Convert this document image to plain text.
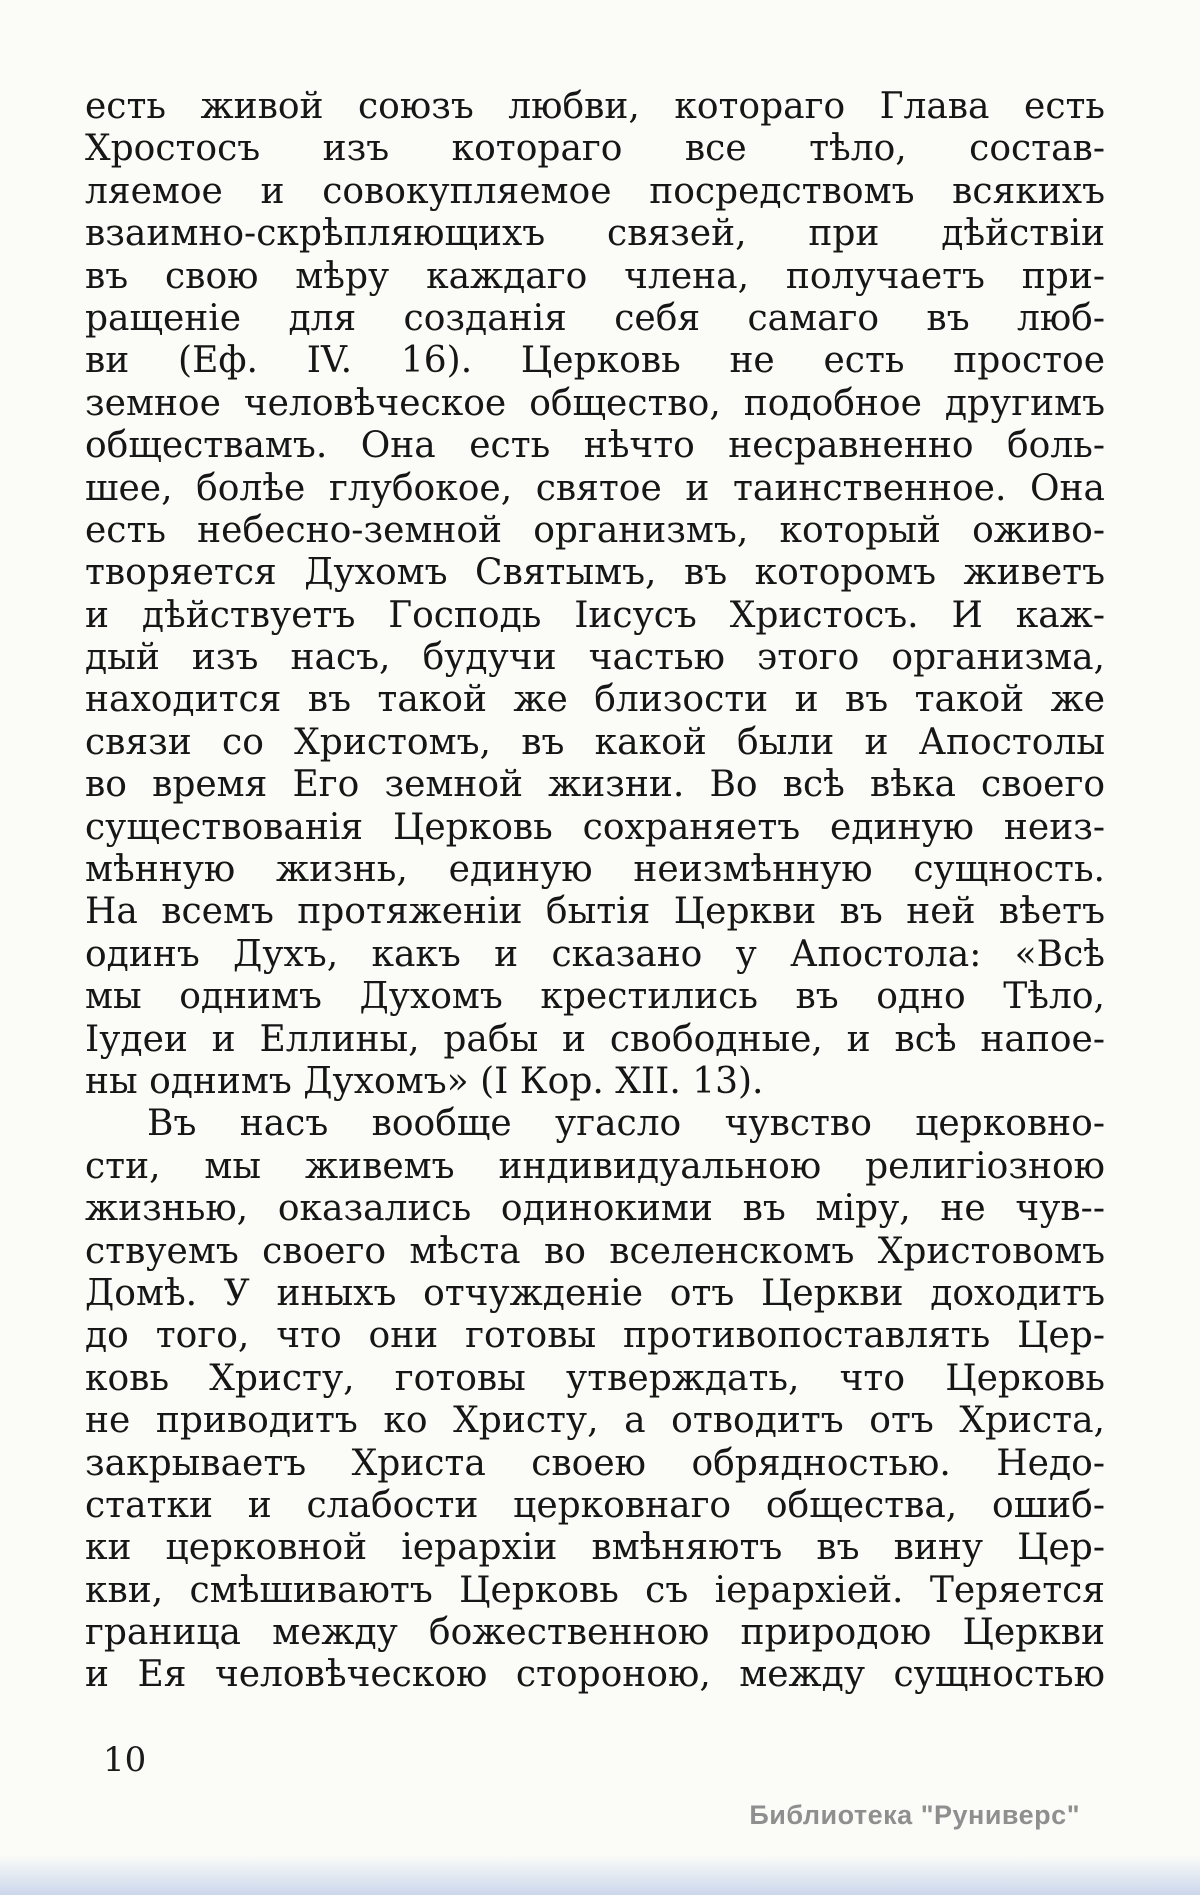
есть живой союзъ любви, котораго Глава есть
Хростосъ изъ котораго все тѣло, состав-
ляемое и совокупляемое посредствомъ всякихъ
взаимно-скрѣпляющихъ связей, при дѣйствіи
въ свою мѣру каждаго члена, получаетъ при-
ращеніе для созданія себя самаго въ люб-
ви (Еф. IV. 16). Церковь не есть простое
земное человѣческое общество, подобное другимъ
обществамъ. Она есть нѣчто несравненно боль-
шее, болѣе глубокое, святое и таинственное. Она
есть небесно-земной организмъ, который оживо-
творяется Духомъ Святымъ, въ которомъ живетъ
и дѣйствуетъ Господь Іисусъ Христосъ. И каж-
дый изъ насъ, будучи частью этого организма,
находится въ такой же близости и въ такой же
связи со Христомъ, въ какой были и Апостолы
во время Его земной жизни. Во всѣ вѣка своего
существованія Церковь сохраняетъ единую неиз-
мѣнную жизнь, единую неизмѣнную сущность.
На всемъ протяженіи бытія Церкви въ ней вѣетъ
одинъ Духъ, какъ и сказано у Апостола: «Всѣ
мы однимъ Духомъ крестились въ одно Тѣло,
Іудеи и Еллины, рабы и свободные, и всѣ напое-
ны однимъ Духомъ» (I Кор. XII. 13).
Въ насъ вообще угасло чувство церковно-
сти, мы живемъ индивидуальною религіозною
жизнью, оказались одинокими въ міру, не чув--
ствуемъ своего мѣста во вселенскомъ Христовомъ
Домѣ. У иныхъ отчужденіе отъ Церкви доходитъ
до того, что они готовы противопоставлять Цер-
ковь Христу, готовы утверждать, что Церковь
не приводитъ ко Христу, а отводитъ отъ Христа,
закрываетъ Христа своею обрядностью. Недо-
статки и слабости церковнаго общества, ошиб-
ки церковной іерархіи вмѣняютъ въ вину Цер-
кви, смѣшиваютъ Церковь съ іерархіей. Теряется
граница между божественною природою Церкви
и Ея человѣческою стороною, между сущностью
10
Библиотека "Руниверс"
